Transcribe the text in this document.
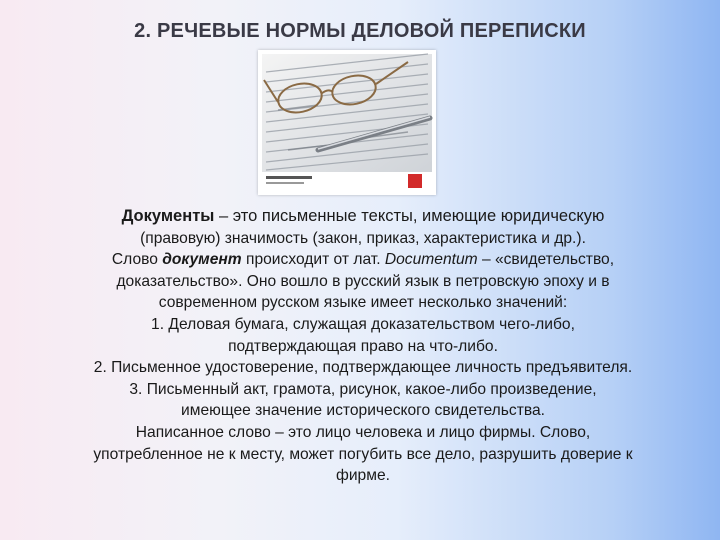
2. РЕЧЕВЫЕ НОРМЫ ДЕЛОВОЙ ПЕРЕПИСКИ
Документы – это письменные тексты, имеющие юридическую
(правовую) значимость (закон, приказ, характеристика и др.).
Слово документ происходит от лат. Documentum – «свидетельство,
доказательство». Оно вошло в русский язык в петровскую эпоху и в
современном русском языке имеет несколько значений:
1. Деловая бумага, служащая доказательством чего-либо,
подтверждающая право на что-либо.
2. Письменное удостоверение, подтверждающее личность предъявителя.
3. Письменный акт, грамота, рисунок, какое-либо произведение,
имеющее значение исторического свидетельства.
Написанное слово – это лицо человека и лицо фирмы. Слово,
употребленное не к месту, может погубить все дело, разрушить доверие к
фирме.
